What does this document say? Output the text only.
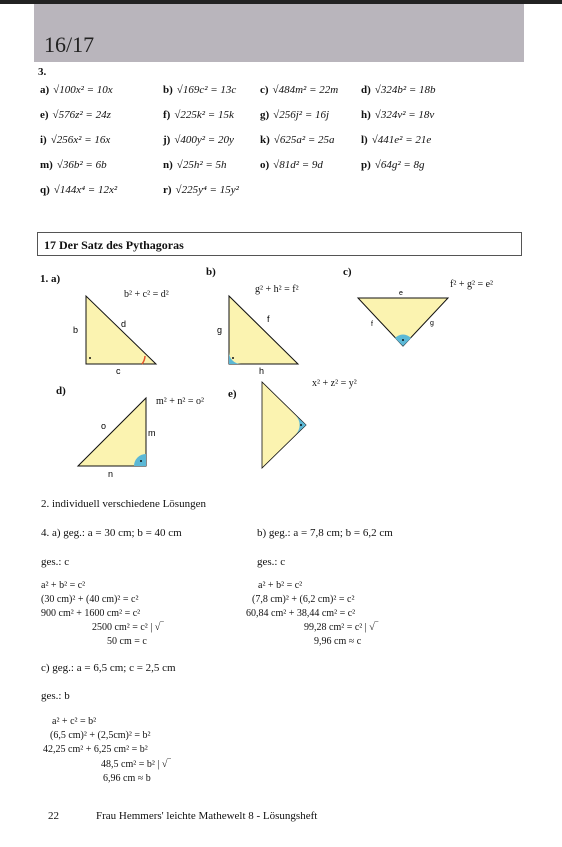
16/17
3.
a) √100x² = 10x	b) √169c² = 13c c) √484m² = 22m d) √324b² = 18b
e) √576z² = 24z	f) √225k² = 15k g) √256j² = 16j	h) √324v² = 18v
i) √256x² = 16x	j) √400y² = 20y k) √625a² = 25a l) √441e² = 21e
m) √36b² = 6b	n) √25h² = 5h	o) √81d² = 9d	p) √64g² = 8g
q) √144x⁴ = 12x²	r) √225y⁴ = 15y²
17 Der Satz des Pythagoras
1. a)
b)	c)
d)	e)
b² + c² = d²	g² + h² = f²	f² + g² = e²
m² + n² = o²
x² + z² = y²
b
d
c
g
f
h
e
f	g
o
m
n
2. individuell verschiedene Lösungen
4. a) geg.: a = 30 cm; b = 40 cm
ges.: c
a² + b² = c²
(30 cm)² + (40 cm)² = c²
900 cm² + 1600 cm² = c²
2500 cm² = c² | √‾
50 cm = c
b) geg.: a = 7,8 cm; b = 6,2 cm
ges.: c
a² + b² = c²
(7,8 cm)² + (6,2 cm)² = c²
60,84 cm² + 38,44 cm² = c²
99,28 cm² = c² | √‾
9,96 cm ≈ c
c) geg.: a = 6,5 cm; c = 2,5 cm
ges.: b
a² + c² = b²
(6,5 cm)² + (2,5cm)² = b²
42,25 cm² + 6,25 cm² = b²
48,5 cm² = b² | √‾
6,96 cm ≈ b
22	Frau Hemmers' leichte Mathewelt 8 - Lösungsheft
